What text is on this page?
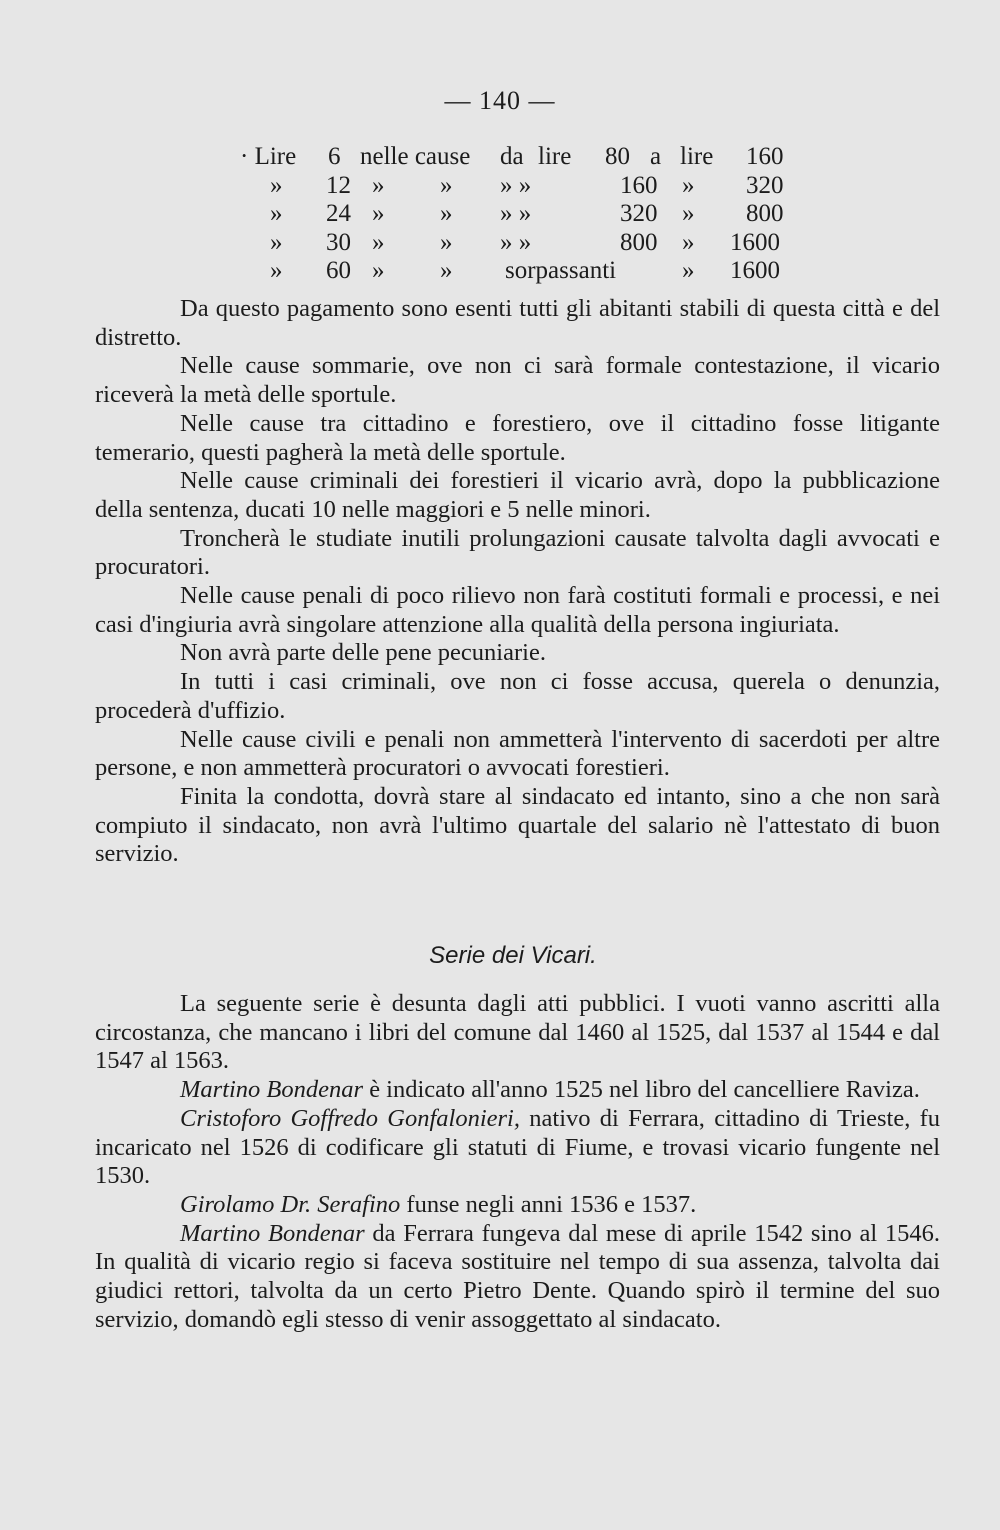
— 140 —
· Lire 6 nelle cause da lire 80 a lire 160
» 12 » » » »	160 » 320
» 24 » » » »	320 » 800
» 30 » » » »	800 » 1600
» 60 » » sorpassanti	» 1600

Da questo pagamento sono esenti tutti gli abitanti stabili di questa città e del distretto.

Nelle cause sommarie, ove non ci sarà formale contestazione, il vicario riceverà la metà delle sportule.

Nelle cause tra cittadino e forestiero, ove il cittadino fosse litigante temerario, questi pagherà la metà delle sportule.

Nelle cause criminali dei forestieri il vicario avrà, dopo la pubblicazione della sentenza, ducati 10 nelle maggiori e 5 nelle minori.

Troncherà le studiate inutili prolungazioni causate talvolta dagli avvocati e procuratori.

Nelle cause penali di poco rilievo non farà costituti formali e processi, e nei casi d'ingiuria avrà singolare attenzione alla qualità della persona ingiuriata.

Non avrà parte delle pene pecuniarie.

In tutti i casi criminali, ove non ci fosse accusa, querela o denunzia, procederà d'uffizio.

Nelle cause civili e penali non ammetterà l'intervento di sacerdoti per altre persone, e non ammetterà procuratori o avvocati forestieri.

Finita la condotta, dovrà stare al sindacato ed intanto, sino a che non sarà compiuto il sindacato, non avrà l'ultimo quartale del salario nè l'attestato di buon servizio.

Serie dei Vicari.

La seguente serie è desunta dagli atti pubblici. I vuoti vanno ascritti alla circostanza, che mancano i libri del comune dal 1460 al 1525, dal 1537 al 1544 e dal 1547 al 1563.

Martino Bondenar è indicato all'anno 1525 nel libro del cancelliere Raviza.

Cristoforo Goffredo Gonfalonieri, nativo di Ferrara, cittadino di Trieste, fu incaricato nel 1526 di codificare gli statuti di Fiume, e trovasi vicario fungente nel 1530.

Girolamo Dr. Serafino funse negli anni 1536 e 1537.

Martino Bondenar da Ferrara fungeva dal mese di aprile 1542 sino al 1546. In qualità di vicario regio si faceva sostituire nel tempo di sua assenza, talvolta dai giudici rettori, talvolta da un certo Pietro Dente. Quando spirò il termine del suo servizio, domandò egli stesso di venir assoggettato al sindacato.
